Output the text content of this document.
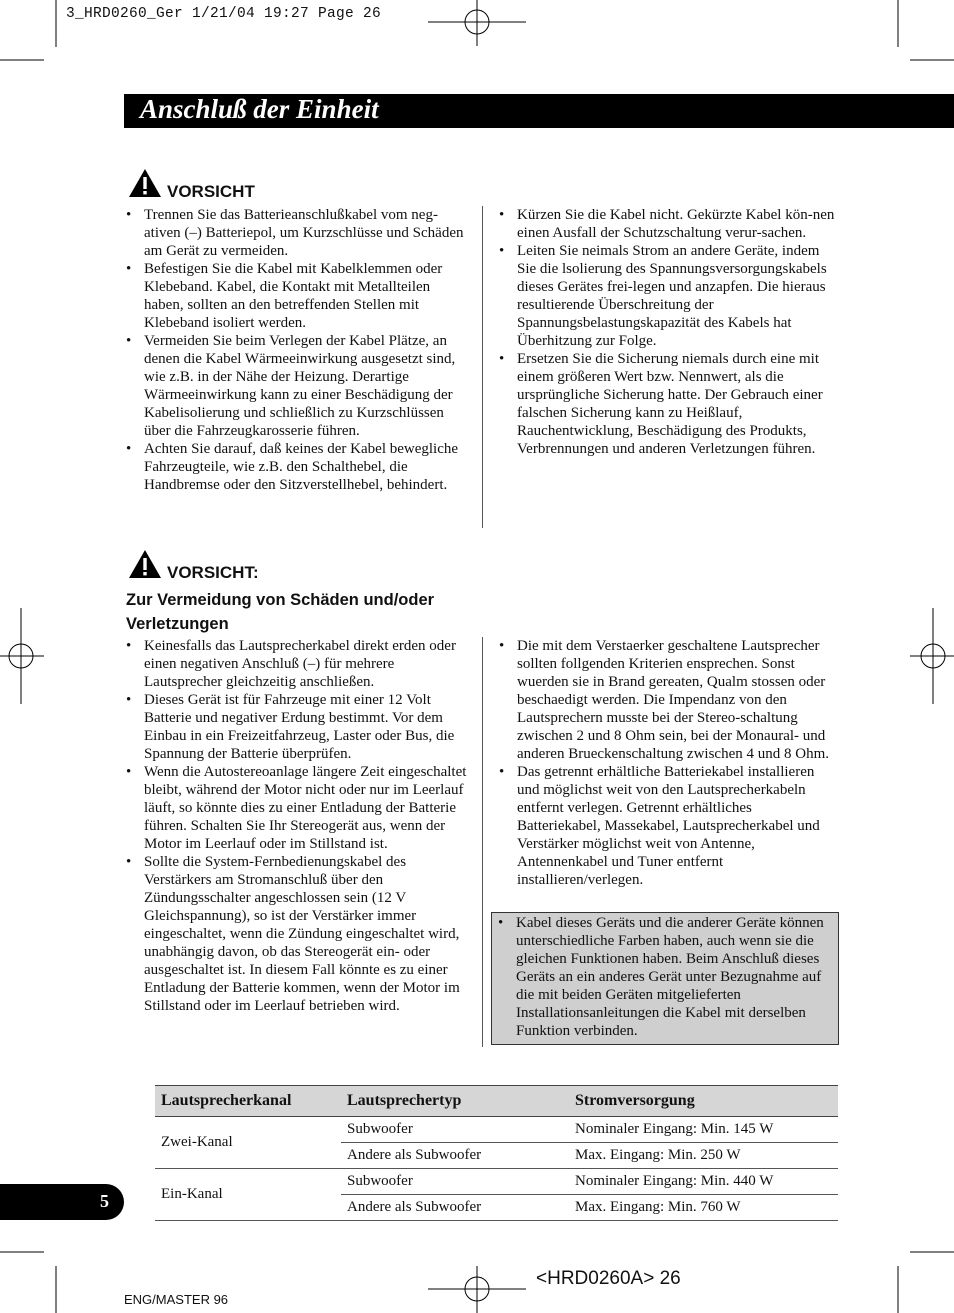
3_HRD0260_Ger 1/21/04 19:27 Page 26
Anschluß der Einheit
VORSICHT
• Trennen Sie das Batterieanschlußkabel vom neg-ativen (–) Batteriepol, um Kurzschlüsse und Schäden am Gerät zu vermeiden.
• Befestigen Sie die Kabel mit Kabelklemmen oder Klebeband. Kabel, die Kontakt mit Metallteilen haben, sollten an den betreffenden Stellen mit Klebeband isoliert werden.
• Vermeiden Sie beim Verlegen der Kabel Plätze, an denen die Kabel Wärmeeinwirkung ausgesetzt sind, wie z.B. in der Nähe der Heizung. Derartige Wärmeeinwirkung kann zu einer Beschädigung der Kabelisolierung und schließlich zu Kurzschlüssen über die Fahrzeugkarosserie führen.
• Achten Sie darauf, daß keines der Kabel bewegliche Fahrzeugteile, wie z.B. den Schalthebel, die Handbremse oder den Sitzverstellhebel, behindert.
• Kürzen Sie die Kabel nicht. Gekürzte Kabel kön-nen einen Ausfall der Schutzschaltung verur-sachen.
• Leiten Sie neimals Strom an andere Geräte, indem Sie die lsolierung des Spannungsversorgungskabels dieses Gerätes frei-legen und anzapfen. Die hieraus resultierende Überschreitung der Spannungsbelastungskapazität des Kabels hat Überhitzung zur Folge.
• Ersetzen Sie die Sicherung niemals durch eine mit einem größeren Wert bzw. Nennwert, als die ursprüngliche Sicherung hatte. Der Gebrauch einer falschen Sicherung kann zu Heißlauf, Rauchentwicklung, Beschädigung des Produkts, Verbrennungen und anderen Verletzungen führen.
VORSICHT:
Zur Vermeidung von Schäden und/oder Verletzungen
• Keinesfalls das Lautsprecherkabel direkt erden oder einen negativen Anschluß (–) für mehrere Lautsprecher gleichzeitig anschließen.
• Dieses Gerät ist für Fahrzeuge mit einer 12 Volt Batterie und negativer Erdung bestimmt. Vor dem Einbau in ein Freizeitfahrzeug, Laster oder Bus, die Spannung der Batterie überprüfen.
• Wenn die Autostereoanlage längere Zeit eingeschaltet bleibt, während der Motor nicht oder nur im Leerlauf läuft, so könnte dies zu einer Entladung der Batterie führen. Schalten Sie Ihr Stereogerät aus, wenn der Motor im Leerlauf oder im Stillstand ist.
• Sollte die System-Fernbedienungskabel des Verstärkers am Stromanschluß über den Zündungsschalter angeschlossen sein (12 V Gleichspannung), so ist der Verstärker immer eingeschaltet, wenn die Zündung eingeschaltet wird, unabhängig davon, ob das Stereogerät ein- oder ausgeschaltet ist. In diesem Fall könnte es zu einer Entladung der Batterie kommen, wenn der Motor im Stillstand oder im Leerlauf betrieben wird.
• Die mit dem Verstaerker geschaltene Lautsprecher sollten follgenden Kriterien ensprechen. Sonst wuerden sie in Brand gereaten, Qualm stossen oder beschaedigt werden. Die Impendanz von den Lautsprechern musste bei der Stereo-schaltung zwischen 2 und 8 Ohm sein, bei der Monaural- und anderen Brueckenschaltung zwischen 4 und 8 Ohm.
• Das getrennt erhältliche Batteriekabel installieren und möglichst weit von den Lautsprecherkabeln entfernt verlegen. Getrennt erhältliches Batteriekabel, Massekabel, Lautsprecherkabel und Verstärker möglichst weit von Antenne, Antennenkabel und Tuner entfernt installieren/verlegen.
• Kabel dieses Geräts und die anderer Geräte können unterschiedliche Farben haben, auch wenn sie die gleichen Funktionen haben. Beim Anschluß dieses Geräts an ein anderes Gerät unter Bezugnahme auf die mit beiden Geräten mitgelieferten Installationsanleitungen die Kabel mit derselben Funktion verbinden.
Lautsprecherkanal	Lautsprechertyp	Stromversorgung
Zwei-Kanal	Subwoofer	Nominaler Eingang: Min. 145 W
	Andere als Subwoofer	Max. Eingang: Min. 250 W
Ein-Kanal	Subwoofer	Nominaler Eingang: Min. 440 W
	Andere als Subwoofer	Max. Eingang: Min. 760 W
5
ENG/MASTER 96
<HRD0260A> 26
